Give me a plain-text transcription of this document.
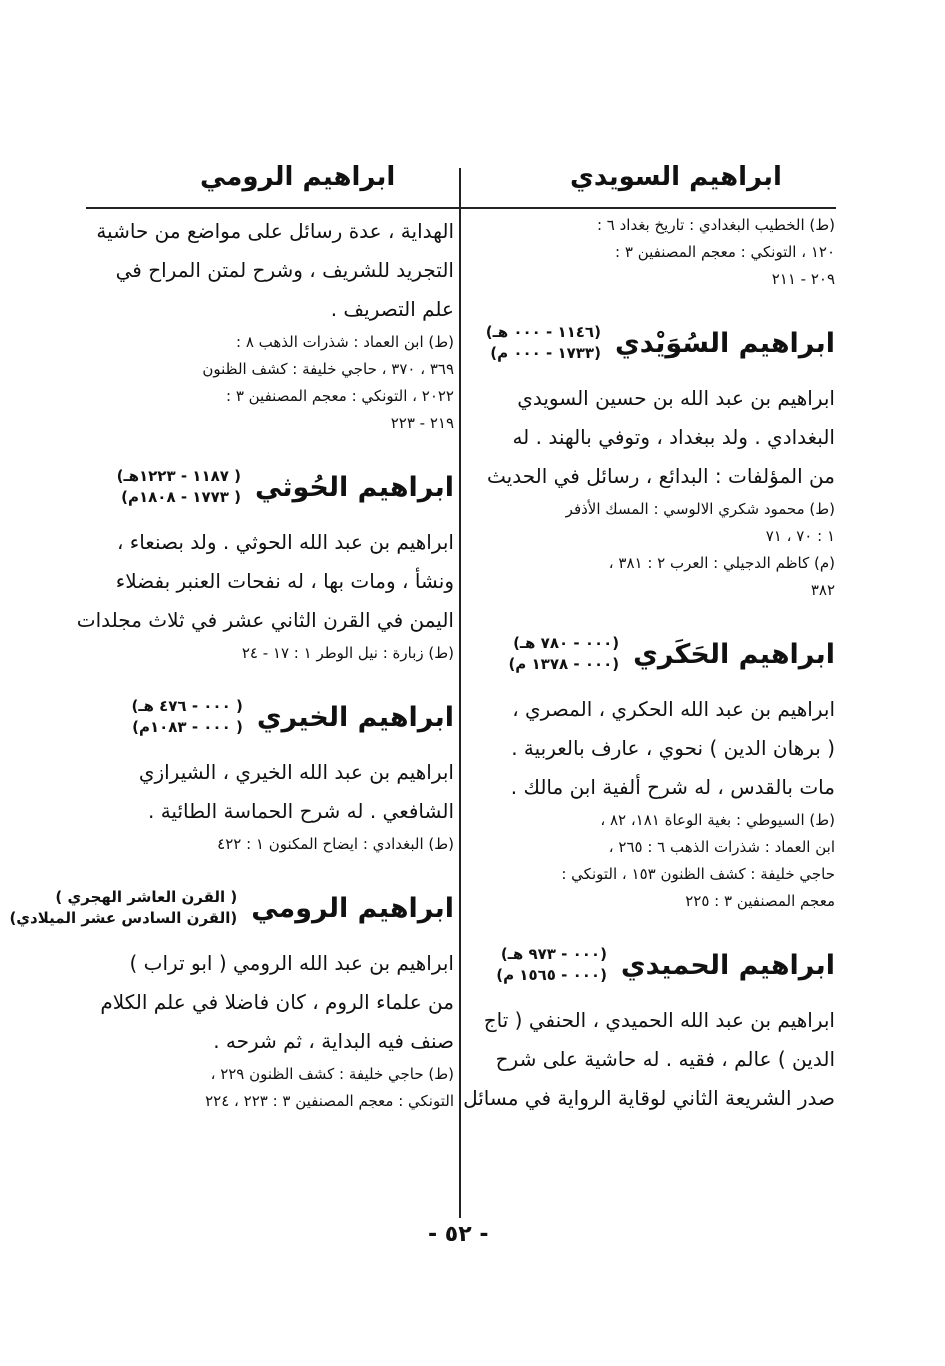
ابراهيم السويدي
ابراهيم الرومي

(ط) الخطيب البغدادي : تاريخ بغداد ٦ :

١٢٠ ، التونكي : معجم المصنفين ٣ :

٢٠٩ - ٢١١

ابراهيم السُوَيْدي
(١١٤٦ - ٠٠٠ هـ)
(١٧٣٣ - ٠٠٠ م)

ابراهيم بن عبد الله بن حسين السويدي

البغدادي . ولد ببغداد ، وتوفي بالهند . له

من المؤلفات : البدائع ، رسائل في الحديث

(ط) محمود شكري الالوسي : المسك الأذفر

١ : ٧٠ ، ٧١

(م) كاظم الدجيلي : العرب ٢ : ٣٨١ ،

٣٨٢

ابراهيم الحَكَري
(٠٠٠ - ٧٨٠ هـ)
(٠٠٠ - ١٣٧٨ م)

ابراهيم بن عبد الله الحكري ، المصري ،

( برهان الدين ) نحوي ، عارف بالعربية .

مات بالقدس ، له شرح ألفية ابن مالك .

(ط) السيوطي : بغية الوعاة ١٨١، ٨٢ ،

ابن العماد : شذرات الذهب ٦ : ٢٦٥ ،

حاجي خليفة : كشف الظنون ١٥٣ ، التونكي :

معجم المصنفين ٣ : ٢٢٥

ابراهيم الحميدي
(٠٠٠ - ٩٧٣ هـ)
(٠٠٠ - ١٥٦٥ م)

ابراهيم بن عبد الله الحميدي ، الحنفي ( تاج

الدين ) عالم ، فقيه . له حاشية على شرح

صدر الشريعة الثاني لوقاية الرواية في مسائل

الهداية ، عدة رسائل على مواضع من حاشية

التجريد للشريف ، وشرح لمتن المراح في

علم التصريف .

(ط) ابن العماد : شذرات الذهب ٨ :

٣٦٩ ، ٣٧٠ ، حاجي خليفة : كشف الظنون

٢٠٢٢ ، التونكي : معجم المصنفين ٣ :

٢١٩ - ٢٢٣

ابراهيم الحُوثي
( ١١٨٧ - ١٢٢٣هـ)
( ١٧٧٣ - ١٨٠٨م)

ابراهيم بن عبد الله الحوثي . ولد بصنعاء ،

ونشأ ، ومات بها ، له نفحات العنبر بفضلاء

اليمن في القرن الثاني عشر في ثلاث مجلدات

(ط) زبارة : نيل الوطر ١ : ١٧ - ٢٤

ابراهيم الخيري
( ٠٠٠ - ٤٧٦ هـ)
( ٠٠٠ - ١٠٨٣م)

ابراهيم بن عبد الله الخيري ، الشيرازي

الشافعي . له شرح الحماسة الطائية .

(ط) البغدادي : ايضاح المكنون ١ : ٤٢٢

ابراهيم الرومي
( القرن العاشر الهجري )
(القرن السادس عشر الميلادي)

ابراهيم بن عبد الله الرومي ( ابو تراب )

من علماء الروم ، كان فاضلا في علم الكلام

صنف فيه البداية ، ثم شرحه .

(ط) حاجي خليفة : كشف الظنون ٢٢٩ ،

التونكي : معجم المصنفين ٣ : ٢٢٣ ، ٢٢٤

- ٥٢ -
